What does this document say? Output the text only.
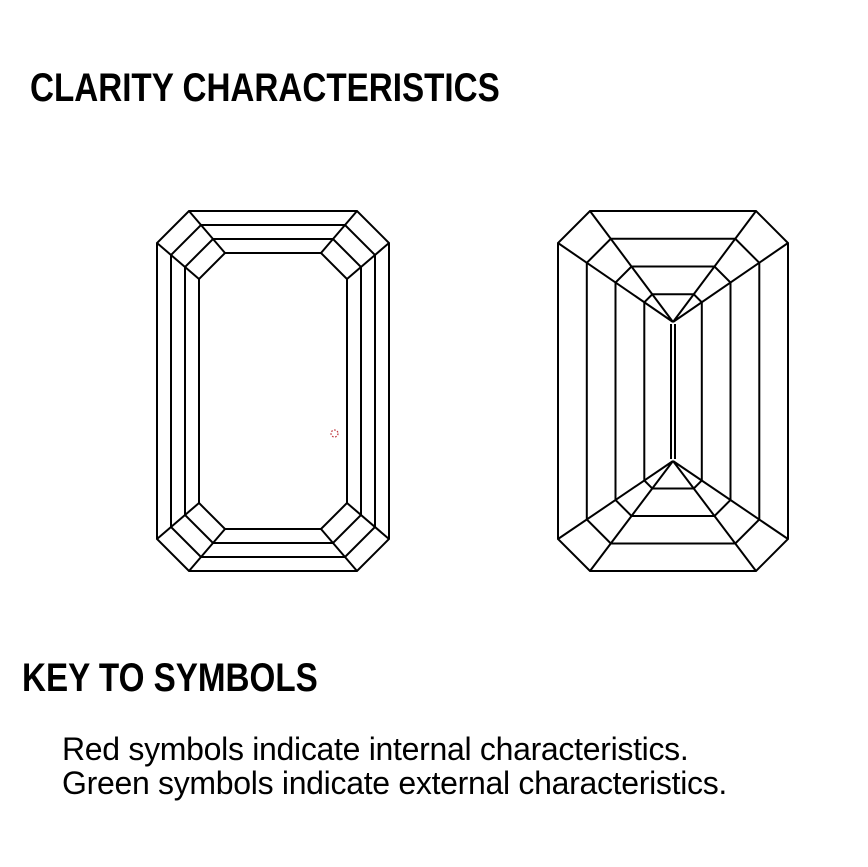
CLARITY CHARACTERISTICS
KEY TO SYMBOLS

Red symbols indicate internal characteristics.
Green symbols indicate external characteristics.
